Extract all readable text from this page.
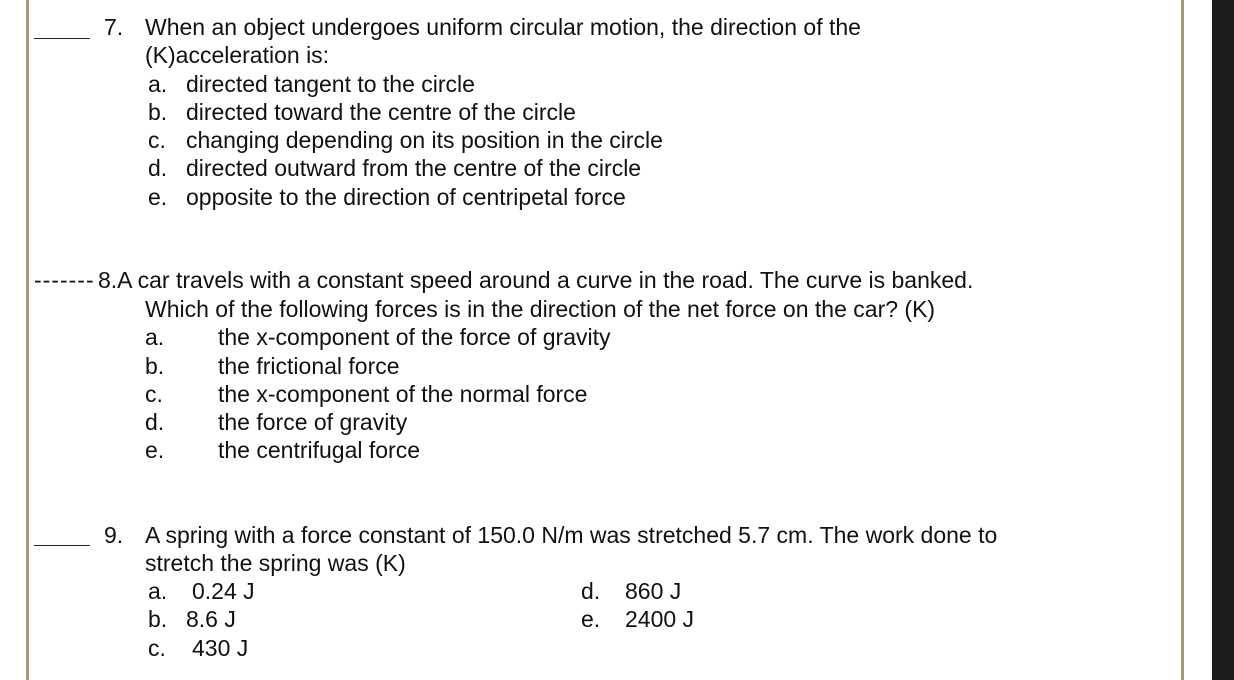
7. When an object undergoes uniform circular motion, the direction of the
(K)acceleration is:
a. directed tangent to the circle
b. directed toward the centre of the circle
c. changing depending on its position in the circle
d. directed outward from the centre of the circle
e. opposite to the direction of centripetal force
------- 8.A car travels with a constant speed around a curve in the road. The curve is banked.
Which of the following forces is in the direction of the net force on the car? (K)
a. the x-component of the force of gravity
b. the frictional force
c. the x-component of the normal force
d. the force of gravity
e. the centrifugal force
9. A spring with a force constant of 150.0 N/m was stretched 5.7 cm. The work done to
stretch the spring was (K)
a. 0.24 J
b. 8.6 J
c. 430 J
d. 860 J
e. 2400 J
